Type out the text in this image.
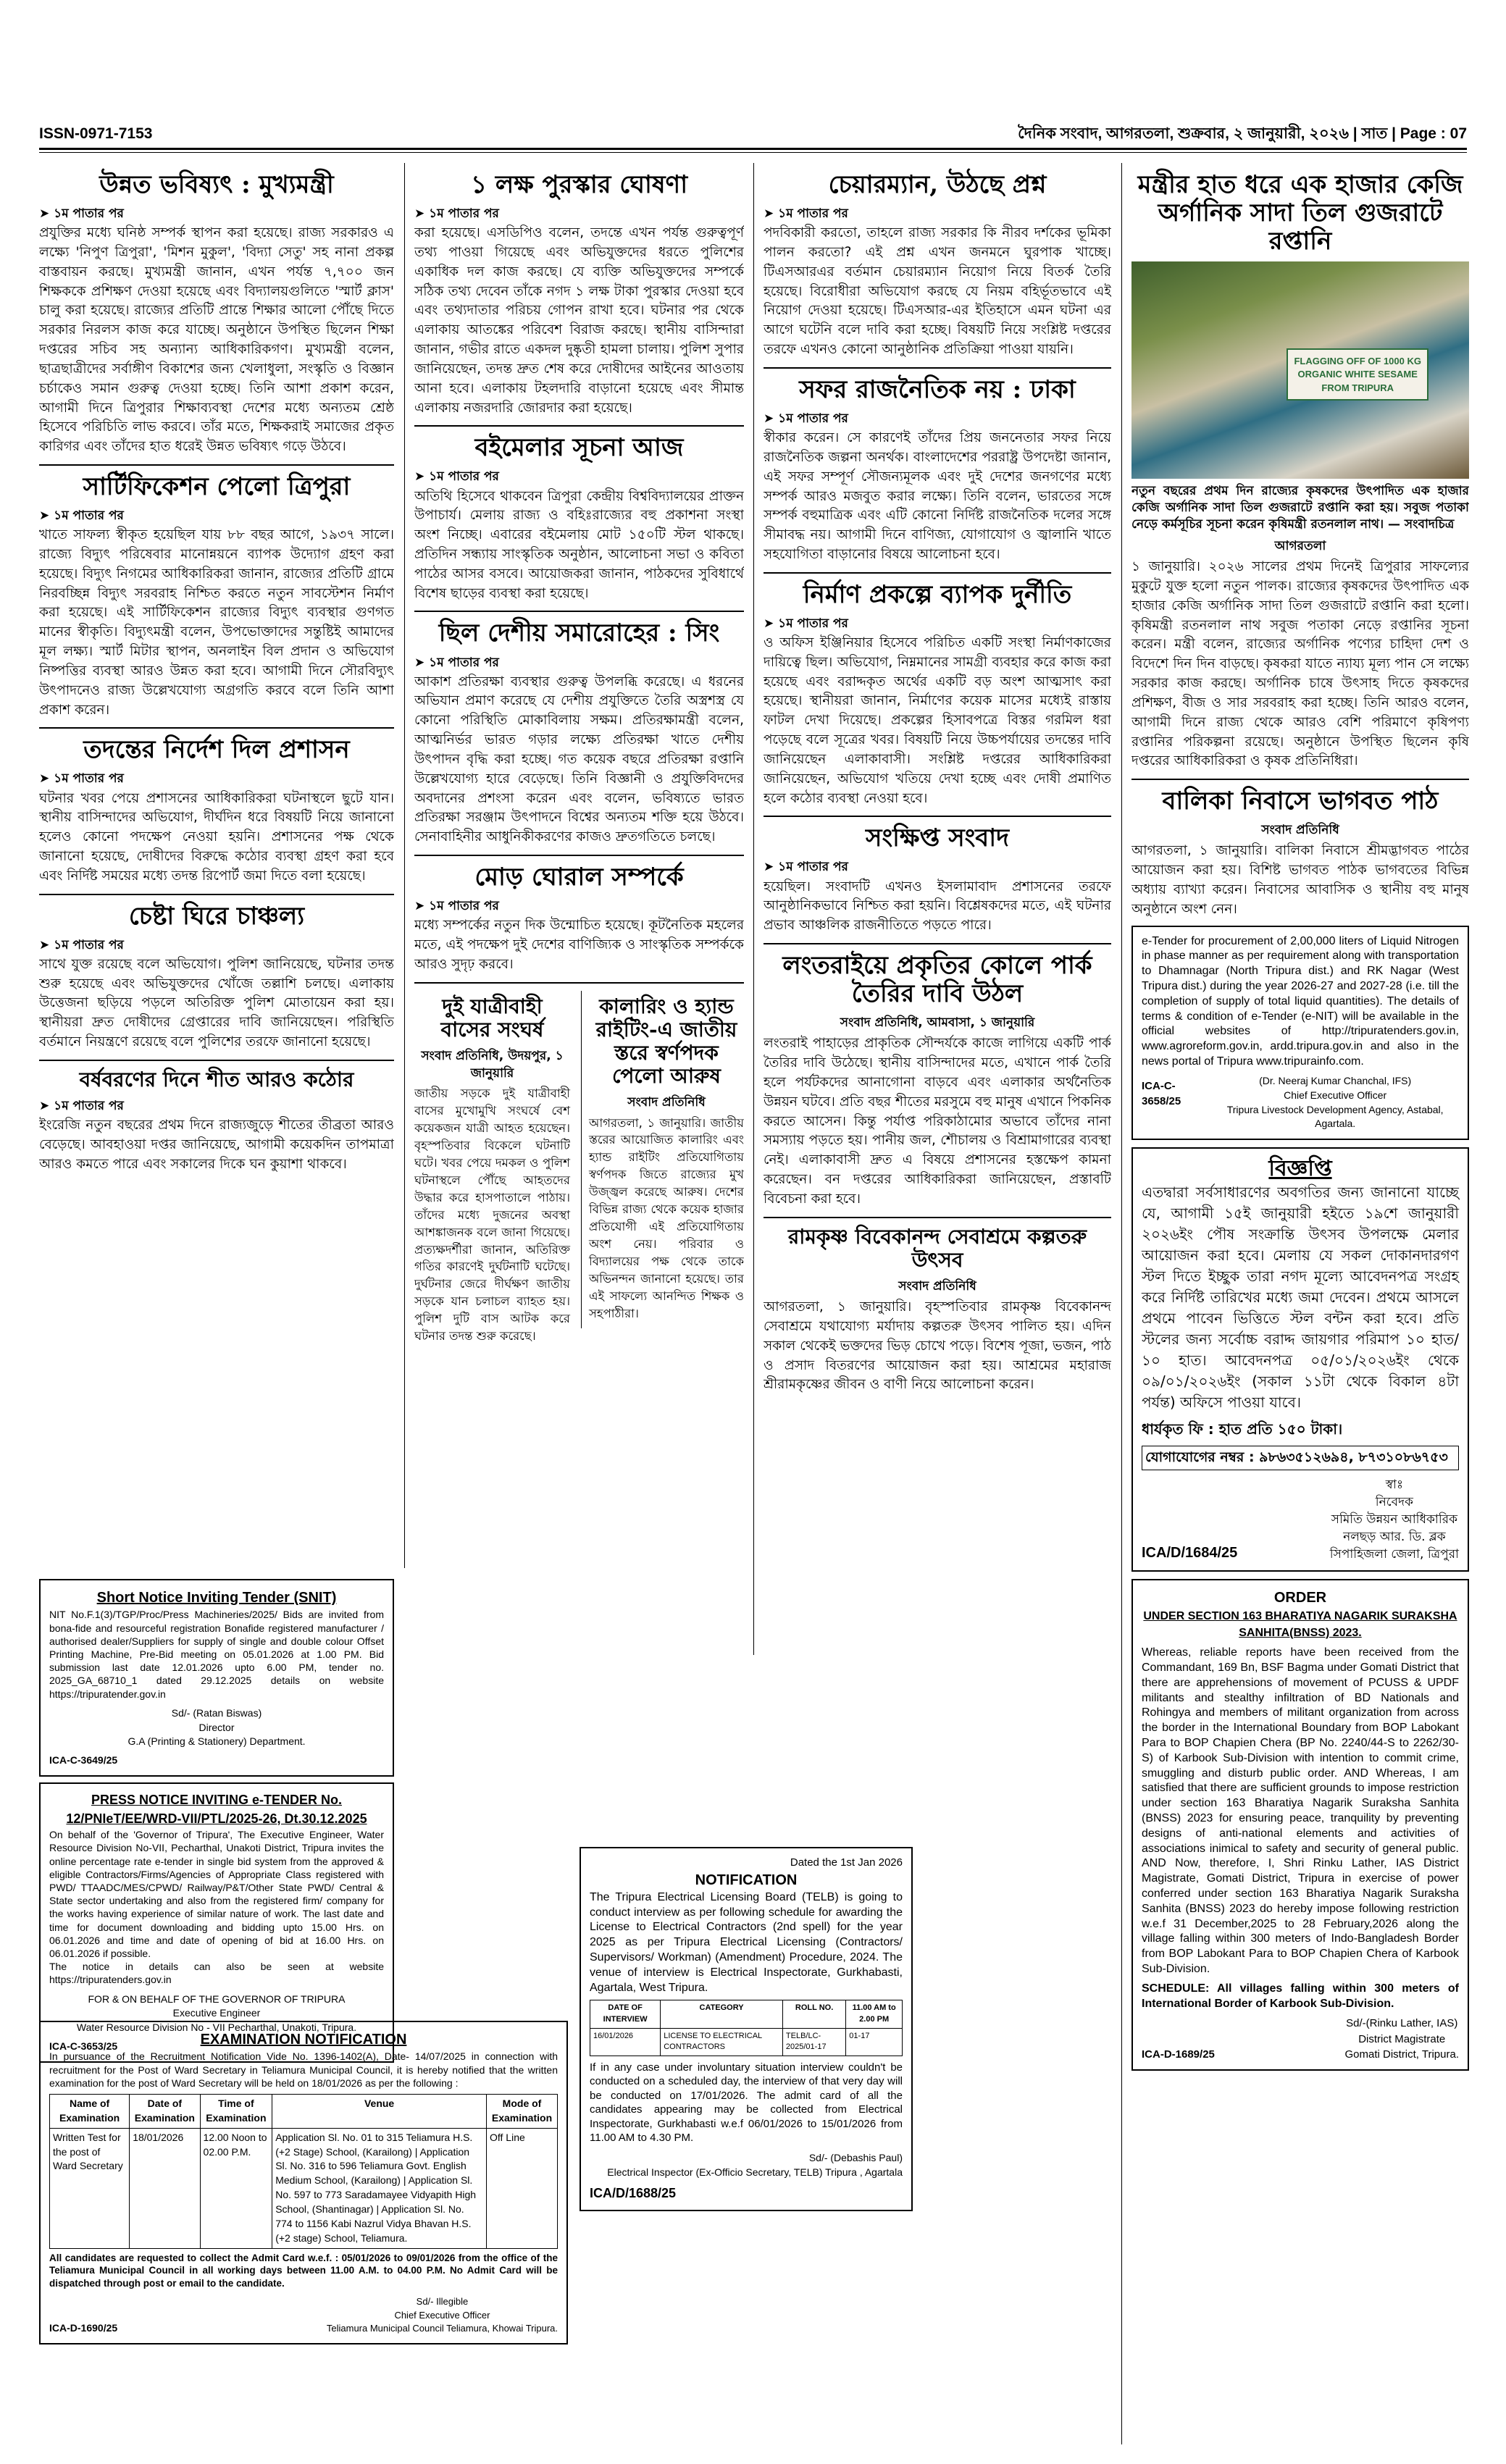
ISSN-0971-7153	দৈনিক সংবাদ, আগরতলা, শুক্রবার, ২ জানুয়ারী, ২০২৬ | সাত | Page : 07
উন্নত ভবিষ্যৎ : মুখ্যমন্ত্রী
➤ ১ম পাতার পর

প্রযুক্তির মধ্যে ঘনিষ্ঠ সম্পর্ক স্থাপন করা হয়েছে। রাজ্য সরকারও এ লক্ষ্যে 'নিপুণ ত্রিপুরা', 'মিশন মুকুল', 'বিদ্যা সেতু' সহ নানা প্রকল্প বাস্তবায়ন করছে। মুখ্যমন্ত্রী জানান, এখন পর্যন্ত ৭,৭০০ জন শিক্ষককে প্রশিক্ষণ দেওয়া হয়েছে এবং বিদ্যালয়গুলিতে 'স্মার্ট ক্লাস' চালু করা হয়েছে। রাজ্যের প্রতিটি প্রান্তে শিক্ষার আলো পৌঁছে দিতে সরকার নিরলস কাজ করে যাচ্ছে। অনুষ্ঠানে উপস্থিত ছিলেন শিক্ষা দপ্তরের সচিব সহ অন্যান্য আধিকারিকগণ। মুখ্যমন্ত্রী বলেন, ছাত্রছাত্রীদের সর্বাঙ্গীণ বিকাশের জন্য খেলাধুলা, সংস্কৃতি ও বিজ্ঞান চর্চাকেও সমান গুরুত্ব দেওয়া হচ্ছে। তিনি আশা প্রকাশ করেন, আগামী দিনে ত্রিপুরার শিক্ষাব্যবস্থা দেশের মধ্যে অন্যতম শ্রেষ্ঠ হিসেবে পরিচিতি লাভ করবে। তাঁর মতে, শিক্ষকরাই সমাজের প্রকৃত কারিগর এবং তাঁদের হাত ধরেই উন্নত ভবিষ্যৎ গড়ে উঠবে।

সার্টিফিকেশন পেলো ত্রিপুরা
➤ ১ম পাতার পর

খাতে সাফল্য স্বীকৃত হয়েছিল যায় ৮৮ বছর আগে, ১৯৩৭ সালে। রাজ্যে বিদ্যুৎ পরিষেবার মানোন্নয়নে ব্যাপক উদ্যোগ গ্রহণ করা হয়েছে। বিদ্যুৎ নিগমের আধিকারিকরা জানান, রাজ্যের প্রতিটি গ্রামে নিরবচ্ছিন্ন বিদ্যুৎ সরবরাহ নিশ্চিত করতে নতুন সাবস্টেশন নির্মাণ করা হয়েছে। এই সার্টিফিকেশন রাজ্যের বিদ্যুৎ ব্যবস্থার গুণগত মানের স্বীকৃতি। বিদ্যুৎমন্ত্রী বলেন, উপভোক্তাদের সন্তুষ্টিই আমাদের মূল লক্ষ্য। স্মার্ট মিটার স্থাপন, অনলাইন বিল প্রদান ও অভিযোগ নিষ্পত্তির ব্যবস্থা আরও উন্নত করা হবে। আগামী দিনে সৌরবিদ্যুৎ উৎপাদনেও রাজ্য উল্লেখযোগ্য অগ্রগতি করবে বলে তিনি আশা প্রকাশ করেন।

তদন্তের নির্দেশ দিল প্রশাসন
➤ ১ম পাতার পর

ঘটনার খবর পেয়ে প্রশাসনের আধিকারিকরা ঘটনাস্থলে ছুটে যান। স্থানীয় বাসিন্দাদের অভিযোগ, দীর্ঘদিন ধরে বিষয়টি নিয়ে জানানো হলেও কোনো পদক্ষেপ নেওয়া হয়নি। প্রশাসনের পক্ষ থেকে জানানো হয়েছে, দোষীদের বিরুদ্ধে কঠোর ব্যবস্থা গ্রহণ করা হবে এবং নির্দিষ্ট সময়ের মধ্যে তদন্ত রিপোর্ট জমা দিতে বলা হয়েছে।

চেষ্টা ঘিরে চাঞ্চল্য
➤ ১ম পাতার পর

সাথে যুক্ত রয়েছে বলে অভিযোগ। পুলিশ জানিয়েছে, ঘটনার তদন্ত শুরু হয়েছে এবং অভিযুক্তদের খোঁজে তল্লাশি চলছে। এলাকায় উত্তেজনা ছড়িয়ে পড়লে অতিরিক্ত পুলিশ মোতায়েন করা হয়। স্থানীয়রা দ্রুত দোষীদের গ্রেপ্তারের দাবি জানিয়েছেন। পরিস্থিতি বর্তমানে নিয়ন্ত্রণে রয়েছে বলে পুলিশের তরফে জানানো হয়েছে।

বর্ষবরণের দিনে শীত আরও কঠোর
➤ ১ম পাতার পর

ইংরেজি নতুন বছরের প্রথম দিনে রাজ্যজুড়ে শীতের তীব্রতা আরও বেড়েছে। আবহাওয়া দপ্তর জানিয়েছে, আগামী কয়েকদিন তাপমাত্রা আরও কমতে পারে এবং সকালের দিকে ঘন কুয়াশা থাকবে।

১ লক্ষ পুরস্কার ঘোষণা
➤ ১ম পাতার পর

করা হয়েছে। এসডিপিও বলেন, তদন্তে এখন পর্যন্ত গুরুত্বপূর্ণ তথ্য পাওয়া গিয়েছে এবং অভিযুক্তদের ধরতে পুলিশের একাধিক দল কাজ করছে। যে ব্যক্তি অভিযুক্তদের সম্পর্কে সঠিক তথ্য দেবেন তাঁকে নগদ ১ লক্ষ টাকা পুরস্কার দেওয়া হবে এবং তথ্যদাতার পরিচয় গোপন রাখা হবে। ঘটনার পর থেকে এলাকায় আতঙ্কের পরিবেশ বিরাজ করছে। স্থানীয় বাসিন্দারা জানান, গভীর রাতে একদল দুষ্কৃতী হামলা চালায়। পুলিশ সুপার জানিয়েছেন, তদন্ত দ্রুত শেষ করে দোষীদের আইনের আওতায় আনা হবে। এলাকায় টহলদারি বাড়ানো হয়েছে এবং সীমান্ত এলাকায় নজরদারি জোরদার করা হয়েছে।

বইমেলার সূচনা আজ
➤ ১ম পাতার পর

অতিথি হিসেবে থাকবেন ত্রিপুরা কেন্দ্রীয় বিশ্ববিদ্যালয়ের প্রাক্তন উপাচার্য। মেলায় রাজ্য ও বহিঃরাজ্যের বহু প্রকাশনা সংস্থা অংশ নিচ্ছে। এবারের বইমেলায় মোট ১৫০টি স্টল থাকছে। প্রতিদিন সন্ধ্যায় সাংস্কৃতিক অনুষ্ঠান, আলোচনা সভা ও কবিতা পাঠের আসর বসবে। আয়োজকরা জানান, পাঠকদের সুবিধার্থে বিশেষ ছাড়ের ব্যবস্থা করা হয়েছে।

ছিল দেশীয় সমারোহের : সিং
➤ ১ম পাতার পর

আকাশ প্রতিরক্ষা ব্যবস্থার গুরুত্ব উপলব্ধি করেছে। এ ধরনের অভিযান প্রমাণ করেছে যে দেশীয় প্রযুক্তিতে তৈরি অস্ত্রশস্ত্র যে কোনো পরিস্থিতি মোকাবিলায় সক্ষম। প্রতিরক্ষামন্ত্রী বলেন, আত্মনির্ভর ভারত গড়ার লক্ষ্যে প্রতিরক্ষা খাতে দেশীয় উৎপাদন বৃদ্ধি করা হচ্ছে। গত কয়েক বছরে প্রতিরক্ষা রপ্তানি উল্লেখযোগ্য হারে বেড়েছে। তিনি বিজ্ঞানী ও প্রযুক্তিবিদদের অবদানের প্রশংসা করেন এবং বলেন, ভবিষ্যতে ভারত প্রতিরক্ষা সরঞ্জাম উৎপাদনে বিশ্বের অন্যতম শক্তি হয়ে উঠবে। সেনাবাহিনীর আধুনিকীকরণের কাজও দ্রুতগতিতে চলছে।

মোড় ঘোরাল সম্পর্কে
➤ ১ম পাতার পর

মধ্যে সম্পর্কের নতুন দিক উন্মোচিত হয়েছে। কূটনৈতিক মহলের মতে, এই পদক্ষেপ দুই দেশের বাণিজ্যিক ও সাংস্কৃতিক সম্পর্ককে আরও সুদৃঢ় করবে।

দুই যাত্রীবাহী বাসের সংঘর্ষ
সংবাদ প্রতিনিধি, উদয়পুর, ১ জানুয়ারি

জাতীয় সড়কে দুই যাত্রীবাহী বাসের মুখোমুখি সংঘর্ষে বেশ কয়েকজন যাত্রী আহত হয়েছেন। বৃহস্পতিবার বিকেলে ঘটনাটি ঘটে। খবর পেয়ে দমকল ও পুলিশ ঘটনাস্থলে পৌঁছে আহতদের উদ্ধার করে হাসপাতালে পাঠায়। তাঁদের মধ্যে দুজনের অবস্থা আশঙ্কাজনক বলে জানা গিয়েছে। প্রত্যক্ষদর্শীরা জানান, অতিরিক্ত গতির কারণেই দুর্ঘটনাটি ঘটেছে। দুর্ঘটনার জেরে দীর্ঘক্ষণ জাতীয় সড়কে যান চলাচল ব্যাহত হয়। পুলিশ দুটি বাস আটক করে ঘটনার তদন্ত শুরু করেছে।

কালারিং ও হ্যান্ড রাইটিং-এ জাতীয় স্তরে স্বর্ণপদক পেলো আরুষ
সংবাদ প্রতিনিধি

আগরতলা, ১ জানুয়ারি। জাতীয় স্তরের আয়োজিত কালারিং এবং হ্যান্ড রাইটিং প্রতিযোগিতায় স্বর্ণপদক জিতে রাজ্যের মুখ উজ্জ্বল করেছে আরুষ। দেশের বিভিন্ন রাজ্য থেকে কয়েক হাজার প্রতিযোগী এই প্রতিযোগিতায় অংশ নেয়। পরিবার ও বিদ্যালয়ের পক্ষ থেকে তাকে অভিনন্দন জানানো হয়েছে। তার এই সাফল্যে আনন্দিত শিক্ষক ও সহপাঠীরা।

চেয়ারম্যান, উঠছে প্রশ্ন
➤ ১ম পাতার পর

পদবিকারী করতো, তাহলে রাজ্য সরকার কি নীরব দর্শকের ভূমিকা পালন করতো? এই প্রশ্ন এখন জনমনে ঘুরপাক খাচ্ছে। টিএসআরএর বর্তমান চেয়ারম্যান নিয়োগ নিয়ে বিতর্ক তৈরি হয়েছে। বিরোধীরা অভিযোগ করছে যে নিয়ম বহির্ভূতভাবে এই নিয়োগ দেওয়া হয়েছে। টিএসআর-এর ইতিহাসে এমন ঘটনা এর আগে ঘটেনি বলে দাবি করা হচ্ছে। বিষয়টি নিয়ে সংশ্লিষ্ট দপ্তরের তরফে এখনও কোনো আনুষ্ঠানিক প্রতিক্রিয়া পাওয়া যায়নি।

সফর রাজনৈতিক নয় : ঢাকা
➤ ১ম পাতার পর

স্বীকার করেন। সে কারণেই তাঁদের প্রিয় জননেতার সফর নিয়ে রাজনৈতিক জল্পনা অনর্থক। বাংলাদেশের পররাষ্ট্র উপদেষ্টা জানান, এই সফর সম্পূর্ণ সৌজন্যমূলক এবং দুই দেশের জনগণের মধ্যে সম্পর্ক আরও মজবুত করার লক্ষ্যে। তিনি বলেন, ভারতের সঙ্গে সম্পর্ক বহুমাত্রিক এবং এটি কোনো নির্দিষ্ট রাজনৈতিক দলের সঙ্গে সীমাবদ্ধ নয়। আগামী দিনে বাণিজ্য, যোগাযোগ ও জ্বালানি খাতে সহযোগিতা বাড়ানোর বিষয়ে আলোচনা হবে।

নির্মাণ প্রকল্পে ব্যাপক দুর্নীতি
➤ ১ম পাতার পর

ও অফিস ইঞ্জিনিয়ার হিসেবে পরিচিত একটি সংস্থা নির্মাণকাজের দায়িত্বে ছিল। অভিযোগ, নিম্নমানের সামগ্রী ব্যবহার করে কাজ করা হয়েছে এবং বরাদ্দকৃত অর্থের একটি বড় অংশ আত্মসাৎ করা হয়েছে। স্থানীয়রা জানান, নির্মাণের কয়েক মাসের মধ্যেই রাস্তায় ফাটল দেখা দিয়েছে। প্রকল্পের হিসাবপত্রে বিস্তর গরমিল ধরা পড়েছে বলে সূত্রের খবর। বিষয়টি নিয়ে উচ্চপর্যায়ের তদন্তের দাবি জানিয়েছেন এলাকাবাসী। সংশ্লিষ্ট দপ্তরের আধিকারিকরা জানিয়েছেন, অভিযোগ খতিয়ে দেখা হচ্ছে এবং দোষী প্রমাণিত হলে কঠোর ব্যবস্থা নেওয়া হবে।

সংক্ষিপ্ত সংবাদ
➤ ১ম পাতার পর

হয়েছিল। সংবাদটি এখনও ইসলামাবাদ প্রশাসনের তরফে আনুষ্ঠানিকভাবে নিশ্চিত করা হয়নি। বিশ্লেষকদের মতে, এই ঘটনার প্রভাব আঞ্চলিক রাজনীতিতে পড়তে পারে।

লংতরাইয়ে প্রকৃতির কোলে পার্ক তৈরির দাবি উঠল
সংবাদ প্রতিনিধি, আমবাসা, ১ জানুয়ারি

লংতরাই পাহাড়ের প্রাকৃতিক সৌন্দর্যকে কাজে লাগিয়ে একটি পার্ক তৈরির দাবি উঠেছে। স্থানীয় বাসিন্দাদের মতে, এখানে পার্ক তৈরি হলে পর্যটকদের আনাগোনা বাড়বে এবং এলাকার অর্থনৈতিক উন্নয়ন ঘটবে। প্রতি বছর শীতের মরসুমে বহু মানুষ এখানে পিকনিক করতে আসেন। কিন্তু পর্যাপ্ত পরিকাঠামোর অভাবে তাঁদের নানা সমস্যায় পড়তে হয়। পানীয় জল, শৌচালয় ও বিশ্রামাগারের ব্যবস্থা নেই। এলাকাবাসী দ্রুত এ বিষয়ে প্রশাসনের হস্তক্ষেপ কামনা করেছেন। বন দপ্তরের আধিকারিকরা জানিয়েছেন, প্রস্তাবটি বিবেচনা করা হবে।

রামকৃষ্ণ বিবেকানন্দ সেবাশ্রমে কল্পতরু উৎসব
সংবাদ প্রতিনিধি

আগরতলা, ১ জানুয়ারি। বৃহস্পতিবার রামকৃষ্ণ বিবেকানন্দ সেবাশ্রমে যথাযোগ্য মর্যাদায় কল্পতরু উৎসব পালিত হয়। এদিন সকাল থেকেই ভক্তদের ভিড় চোখে পড়ে। বিশেষ পূজা, ভজন, পাঠ ও প্রসাদ বিতরণের আয়োজন করা হয়। আশ্রমের মহারাজ শ্রীরামকৃষ্ণের জীবন ও বাণী নিয়ে আলোচনা করেন।

মন্ত্রীর হাত ধরে এক হাজার কেজি অর্গানিক সাদা তিল গুজরাটে রপ্তানি
FLAGGING OFF OF 1000 KG ORGANIC WHITE SESAME FROM TRIPURA

নতুন বছরের প্রথম দিন রাজ্যের কৃষকদের উৎপাদিত এক হাজার কেজি অর্গানিক সাদা তিল গুজরাটে রপ্তানি করা হয়। সবুজ পতাকা নেড়ে কর্মসূচির সূচনা করেন কৃষিমন্ত্রী রতনলাল নাথ। — সংবাদচিত্র

আগরতলা

১ জানুয়ারি। ২০২৬ সালের প্রথম দিনেই ত্রিপুরার সাফল্যের মুকুটে যুক্ত হলো নতুন পালক। রাজ্যের কৃষকদের উৎপাদিত এক হাজার কেজি অর্গানিক সাদা তিল গুজরাটে রপ্তানি করা হলো। কৃষিমন্ত্রী রতনলাল নাথ সবুজ পতাকা নেড়ে রপ্তানির সূচনা করেন। মন্ত্রী বলেন, রাজ্যের অর্গানিক পণ্যের চাহিদা দেশ ও বিদেশে দিন দিন বাড়ছে। কৃষকরা যাতে ন্যায্য মূল্য পান সে লক্ষ্যে সরকার কাজ করছে। অর্গানিক চাষে উৎসাহ দিতে কৃষকদের প্রশিক্ষণ, বীজ ও সার সরবরাহ করা হচ্ছে। তিনি আরও বলেন, আগামী দিনে রাজ্য থেকে আরও বেশি পরিমাণে কৃষিপণ্য রপ্তানির পরিকল্পনা রয়েছে। অনুষ্ঠানে উপস্থিত ছিলেন কৃষি দপ্তরের আধিকারিকরা ও কৃষক প্রতিনিধিরা।

বালিকা নিবাসে ভাগবত পাঠ
সংবাদ প্রতিনিধি

আগরতলা, ১ জানুয়ারি। বালিকা নিবাসে শ্রীমদ্ভাগবত পাঠের আয়োজন করা হয়। বিশিষ্ট ভাগবত পাঠক ভাগবতের বিভিন্ন অধ্যায় ব্যাখ্যা করেন। নিবাসের আবাসিক ও স্থানীয় বহু মানুষ অনুষ্ঠানে অংশ নেন।

e-Tender for procurement of 2,00,000 liters of Liquid Nitrogen in phase manner as per requirement along with transportation to Dhamnagar (North Tripura dist.) and RK Nagar (West Tripura dist.) during the year 2026-27 and 2027-28 (i.e. till the completion of supply of total liquid quantities). The details of terms & condition of e-Tender (e-NIT) will be available in the official websites of http://tripuratenders.gov.in, www.agroreform.gov.in, ardd.tripura.gov.in and also in the news portal of Tripura www.tripurainfo.com.

ICA-C-3658/25
(Dr. Neeraj Kumar Chanchal, IFS)
Chief Executive Officer
Tripura Livestock Development Agency, Astabal, Agartala.
বিজ্ঞপ্তি

এতদ্বারা সর্বসাধারণের অবগতির জন্য জানানো যাচ্ছে যে, আগামী ১৫ই জানুয়ারী হইতে ১৯শে জানুয়ারী ২০২৬ইং পৌষ সংক্রান্তি উৎসব উপলক্ষে মেলার আয়োজন করা হবে। মেলায় যে সকল দোকানদারগণ স্টল দিতে ইচ্ছুক তারা নগদ মূল্যে আবেদনপত্র সংগ্রহ করে নির্দিষ্ট তারিখের মধ্যে জমা দেবেন। প্রথমে আসলে প্রথমে পাবেন ভিত্তিতে স্টল বন্টন করা হবে। প্রতি স্টলের জন্য সর্বোচ্চ বরাদ্দ জায়গার পরিমাপ ১০ হাত/১০ হাত। আবেদনপত্র ০৫/০১/২০২৬ইং থেকে ০৯/০১/২০২৬ইং (সকাল ১১টা থেকে বিকাল ৪টা পর্যন্ত) অফিসে পাওয়া যাবে।

ধার্যকৃত ফি : হাত প্রতি ১৫০ টাকা।

যোগাযোগের নম্বর : ৯৮৬৩৫১২৬৯৪, ৮৭৩১০৮৬৭৫৩

ICA/D/1684/25
স্বাঃ
নিবেদক
সমিতি উন্নয়ন আধিকারিক
নলছড় আর. ডি. ব্লক
সিপাহিজলা জেলা, ত্রিপুরা
ORDER
UNDER SECTION 163 BHARATIYA NAGARIK SURAKSHA SANHITA(BNSS) 2023.

Whereas, reliable reports have been received from the Commandant, 169 Bn, BSF Bagma under Gomati District that there are apprehensions of movement of PCUSS & UPDF militants and stealthy infiltration of BD Nationals and Rohingya and members of militant organization from across the border in the International Boundary from BOP Labokant Para to BOP Chapien Chera (BP No. 2240/44-S to 2262/30-S) of Karbook Sub-Division with intention to commit crime, smuggling and disturb public order. AND Whereas, I am satisfied that there are sufficient grounds to impose restriction under section 163 Bharatiya Nagarik Suraksha Sanhita (BNSS) 2023 for ensuring peace, tranquility by preventing designs of anti-national elements and activities of associations inimical to safety and security of general public. AND Now, therefore, I, Shri Rinku Lather, IAS District Magistrate, Gomati District, Tripura in exercise of power conferred under section 163 Bharatiya Nagarik Suraksha Sanhita (BNSS) 2023 do hereby impose following restriction w.e.f 31 December,2025 to 28 February,2026 along the village falling within 300 meters of Indo-Bangladesh Border from BOP Labokant Para to BOP Chapien Chera of Karbook Sub-Division.

SCHEDULE: All villages falling within 300 meters of International Border of Karbook Sub-Division.

ICA-D-1689/25
Sd/-(Rinku Lather, IAS)
District Magistrate
Gomati District, Tripura.
Short Notice Inviting Tender (SNIT)

NIT No.F.1(3)/TGP/Proc/Press Machineries/2025/ Bids are invited from bona-fide and resourceful registration Bonafide registered manufacturer / authorised dealer/Suppliers for supply of single and double colour Offset Printing Machine, Pre-Bid meeting on 05.01.2026 at 1.00 PM. Bid submission last date 12.01.2026 upto 6.00 PM, tender no. 2025_GA_68710_1 dated 29.12.2025 details on website https://tripuratender.gov.in

Sd/- (Ratan Biswas)
Director
G.A (Printing & Stationery) Department.
ICA-C-3649/25
PRESS NOTICE INVITING e-TENDER No. 12/PNIeT/EE/WRD-VII/PTL/2025-26, Dt.30.12.2025

On behalf of the 'Governor of Tripura', The Executive Engineer, Water Resource Division No-VII, Pecharthal, Unakoti District, Tripura invites the online percentage rate e-tender in single bid system from the approved & eligible Contractors/Firms/Agencies of Appropriate Class registered with PWD/ TTAADC/MES/CPWD/ Railway/P&T/Other State PWD/ Central & State sector undertaking and also from the registered firm/ company for the works having experience of similar nature of work. The last date and time for document downloading and bidding upto 15.00 Hrs. on 06.01.2026 and time and date of opening of bid at 16.00 Hrs. on 06.01.2026 if possible.

The notice in details can also be seen at website https://tripuratenders.gov.in

FOR & ON BEHALF OF THE GOVERNOR OF TRIPURA
Executive Engineer
Water Resource Division No - VII Pecharthal, Unakoti, Tripura.
ICA-C-3653/25	EXAMINATION NOTIFICATION

In pursuance of the Recruitment Notification Vide No. 1396-1402(A), Date- 14/07/2025 in connection with recruitment for the Post of Ward Secretary in Teliamura Municipal Council, it is hereby notified that the written examination for the post of Ward Secretary will be held on 18/01/2026 as per the following :

Name of Examination	Date of Examination	Time of Examination	Venue	Mode of Examination
Written Test for the post of Ward Secretary	18/01/2026	12.00 Noon to 02.00 P.M.	Application Sl. No. 01 to 315 Teliamura H.S. (+2 Stage) School, (Karailong) | Application Sl. No. 316 to 596 Teliamura Govt. English Medium School, (Karailong) | Application Sl. No. 597 to 773 Saradamayee Vidyapith High School, (Shantinagar) | Application Sl. No. 774 to 1156 Kabi Nazrul Vidya Bhavan H.S. (+2 stage) School, Teliamura.	Off Line

All candidates are requested to collect the Admit Card w.e.f. : 05/01/2026 to 09/01/2026 from the office of the Teliamura Municipal Council in all working days between 11.00 A.M. to 04.00 P.M. No Admit Card will be dispatched through post or email to the candidate.

ICA-D-1690/25
Sd/- Illegible
Chief Executive Officer
Teliamura Municipal Council Teliamura, Khowai Tripura.
Dated the 1st Jan 2026
NOTIFICATION

The Tripura Electrical Licensing Board (TELB) is going to conduct interview as per following schedule for awarding the License to Electrical Contractors (2nd spell) for the year 2025 as per Tripura Electrical Licensing (Contractors/ Supervisors/ Workman) (Amendment) Procedure, 2024. The venue of interview is Electrical Inspectorate, Gurkhabasti, Agartala, West Tripura.

DATE OF INTERVIEW	CATEGORY	ROLL NO.	11.00 AM to 2.00 PM
16/01/2026	LICENSE TO ELECTRICAL CONTRACTORS	TELB/LC-2025/01-17	01-17

If in any case under involuntary situation interview couldn't be conducted on a scheduled day, the interview of that very day will be conducted on 17/01/2026. The admit card of all the candidates appearing may be collected from Electrical Inspectorate, Gurkhabasti w.e.f 06/01/2026 to 15/01/2026 from 11.00 AM to 4.30 PM.

Sd/- (Debashis Paul)
Electrical Inspector (Ex-Officio Secretary, TELB) Tripura , Agartala
ICA/D/1688/25
